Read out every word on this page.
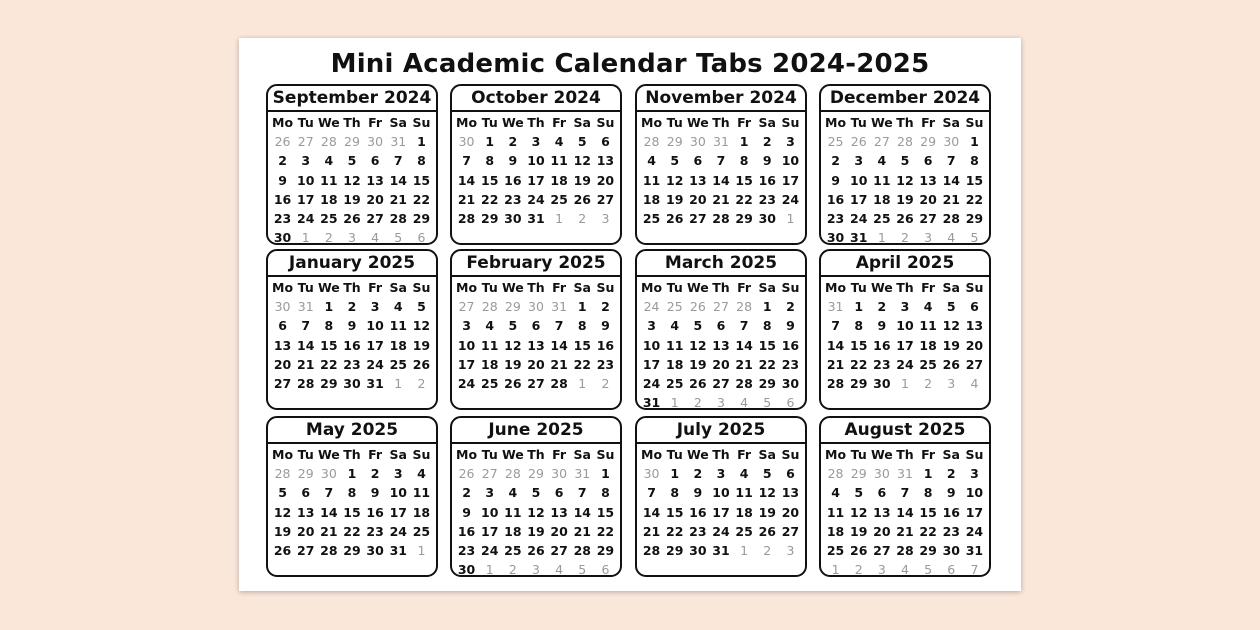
Mini Academic Calendar Tabs 2024-2025
September 2024
Mo Tu We Th Fr Sa Su
26 27 28 29 30 31 1
2	3	4	5	6	7	8
9 10 11 12 13 14 15
16 17 18 19 20 21 22
23 24 25 26 27 28 29
30 1	2	3	4	5	6
October 2024
Mo Tu We Th Fr Sa Su
30 1	2	3	4	5	6
7	8	9 10 11 12 13
14 15 16 17 18 19 20
21 22 23 24 25 26 27
28 29 30 31 1	2	3
November 2024
Mo Tu We Th Fr Sa Su
28 29 30 31 1	2	3
4	5	6	7	8	9 10
11 12 13 14 15 16 17
18 19 20 21 22 23 24
25 26 27 28 29 30 1
December 2024
Mo Tu We Th Fr Sa Su
25 26 27 28 29 30 1
2	3	4	5	6	7	8
9 10 11 12 13 14 15
16 17 18 19 20 21 22
23 24 25 26 27 28 29
30 31 1	2	3	4	5
January 2025
Mo Tu We Th Fr Sa Su
30 31 1	2	3	4	5
6	7	8	9 10 11 12
13 14 15 16 17 18 19
20 21 22 23 24 25 26
27 28 29 30 31 1	2
February 2025
Mo Tu We Th Fr Sa Su
27 28 29 30 31 1	2
3	4	5	6	7	8	9
10 11 12 13 14 15 16
17 18 19 20 21 22 23
24 25 26 27 28 1	2
March 2025
Mo Tu We Th Fr Sa Su
24 25 26 27 28 1	2
3	4	5	6	7	8	9
10 11 12 13 14 15 16
17 18 19 20 21 22 23
24 25 26 27 28 29 30
31 1	2	3	4	5	6
April 2025
Mo Tu We Th Fr Sa Su
31 1	2	3	4	5	6
7	8	9 10 11 12 13
14 15 16 17 18 19 20
21 22 23 24 25 26 27
28 29 30 1	2	3	4
May 2025
Mo Tu We Th Fr Sa Su
28 29 30 1	2	3	4
5	6	7	8	9 10 11
12 13 14 15 16 17 18
19 20 21 22 23 24 25
26 27 28 29 30 31 1
June 2025
Mo Tu We Th Fr Sa Su
26 27 28 29 30 31 1
2	3	4	5	6	7	8
9 10 11 12 13 14 15
16 17 18 19 20 21 22
23 24 25 26 27 28 29
30 1	2	3	4	5	6
July 2025
Mo Tu We Th Fr Sa Su
30 1	2	3	4	5	6
7	8	9 10 11 12 13
14 15 16 17 18 19 20
21 22 23 24 25 26 27
28 29 30 31 1	2	3
August 2025
Mo Tu We Th Fr Sa Su
28 29 30 31 1	2	3
4	5	6	7	8	9 10
11 12 13 14 15 16 17
18 19 20 21 22 23 24
25 26 27 28 29 30 31
1	2	3	4	5	6	7
